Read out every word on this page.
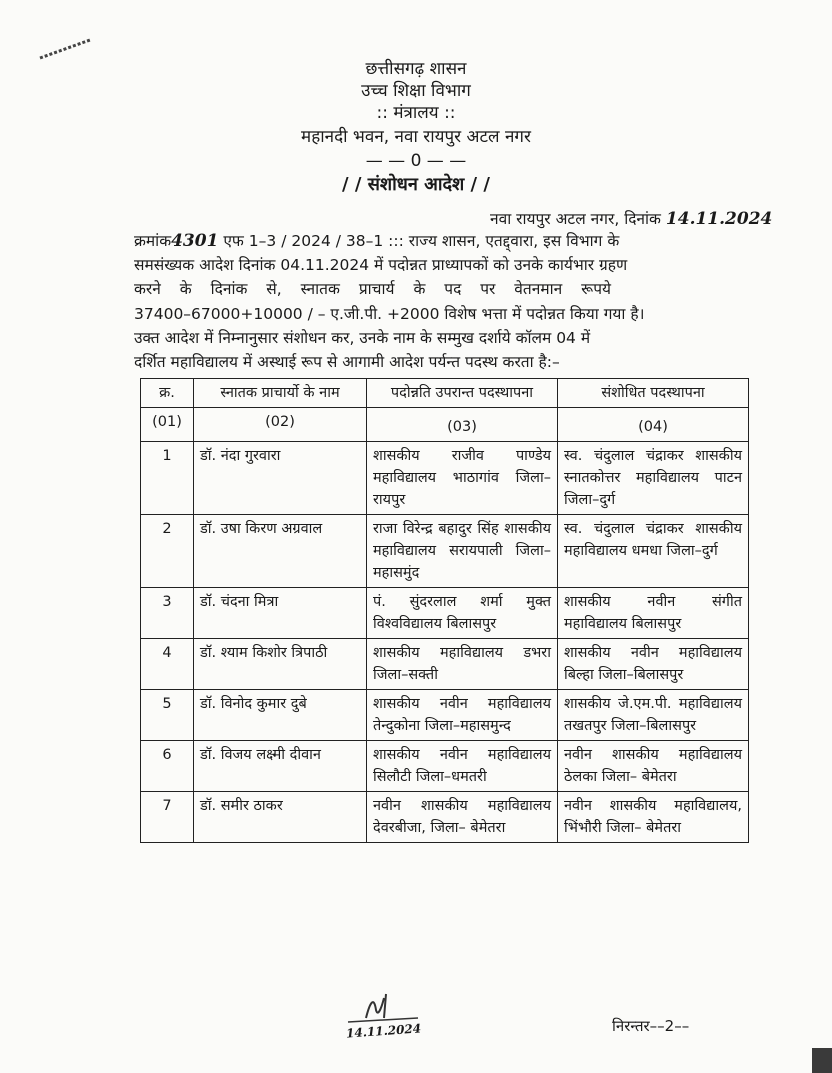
छत्तीसगढ़ शासन
उच्च शिक्षा विभाग
:: मंत्रालय ::
महानदी भवन, नवा रायपुर अटल नगर
— — 0 — —
/ / संशोधन आदेश / /
नवा रायपुर अटल नगर, दिनांक 14.11.2024
क्रमांक4301 एफ 1–3 / 2024 / 38–1 ::: राज्य शासन, एतद्द्वारा, इस विभाग के
समसंख्यक आदेश दिनांक 04.11.2024 में पदोन्नत प्राध्यापकों को उनके कार्यभार ग्रहण
करने के दिनांक से, स्नातक प्राचार्य के पद पर वेतनमान रूपये
37400–67000+10000 / – ए.जी.पी. +2000 विशेष भत्ता में पदोन्नत किया गया है।
उक्त आदेश में निम्नानुसार संशोधन कर, उनके नाम के सम्मुख दर्शाये कॉलम 04 में
दर्शित महाविद्यालय में अस्थाई रूप से आगामी आदेश पर्यन्त पदस्थ करता है:–
क्र.	स्नातक प्राचार्यो के नाम	पदोन्नति उपरान्त पदस्थापना	संशोधित पदस्थापना
(01)	(02)	(03)	(04)
1	डॉ. नंदा गुरवारा	शासकीय राजीव पाण्डेय महाविद्यालय भाठागांव जिला–रायपुर	स्व. चंदुलाल चंद्राकर शासकीय स्नातकोत्तर महाविद्यालय पाटन जिला–दुर्ग
2	डॉ. उषा किरण अग्रवाल	राजा विरेन्द्र बहादुर सिंह शासकीय महाविद्यालय सरायपाली जिला–महासमुंद	स्व. चंदुलाल चंद्राकर शासकीय महाविद्यालय धमधा जिला–दुर्ग
3	डॉ. चंदना मित्रा	पं. सुंदरलाल शर्मा मुक्त विश्वविद्यालय बिलासपुर	शासकीय नवीन संगीत महाविद्यालय बिलासपुर
4	डॉ. श्याम किशोर त्रिपाठी	शासकीय महाविद्यालय डभरा जिला–सक्ती	शासकीय नवीन महाविद्यालय बिल्हा जिला–बिलासपुर
5	डॉ. विनोद कुमार दुबे	शासकीय नवीन महाविद्यालय तेन्दुकोना जिला–महासमुन्द	शासकीय जे.एम.पी. महाविद्यालय तखतपुर जिला–बिलासपुर
6	डॉ. विजय लक्ष्मी दीवान	शासकीय नवीन महाविद्यालय सिलौटी जिला–धमतरी	नवीन शासकीय महाविद्यालय ठेलका जिला– बेमेतरा
7	डॉ. समीर ठाकर	नवीन शासकीय महाविद्यालय देवरबीजा, जिला– बेमेतरा	नवीन शासकीय महाविद्यालय, भिंभौरी जिला– बेमेतरा
14.11.2024	निरन्तर––2––
